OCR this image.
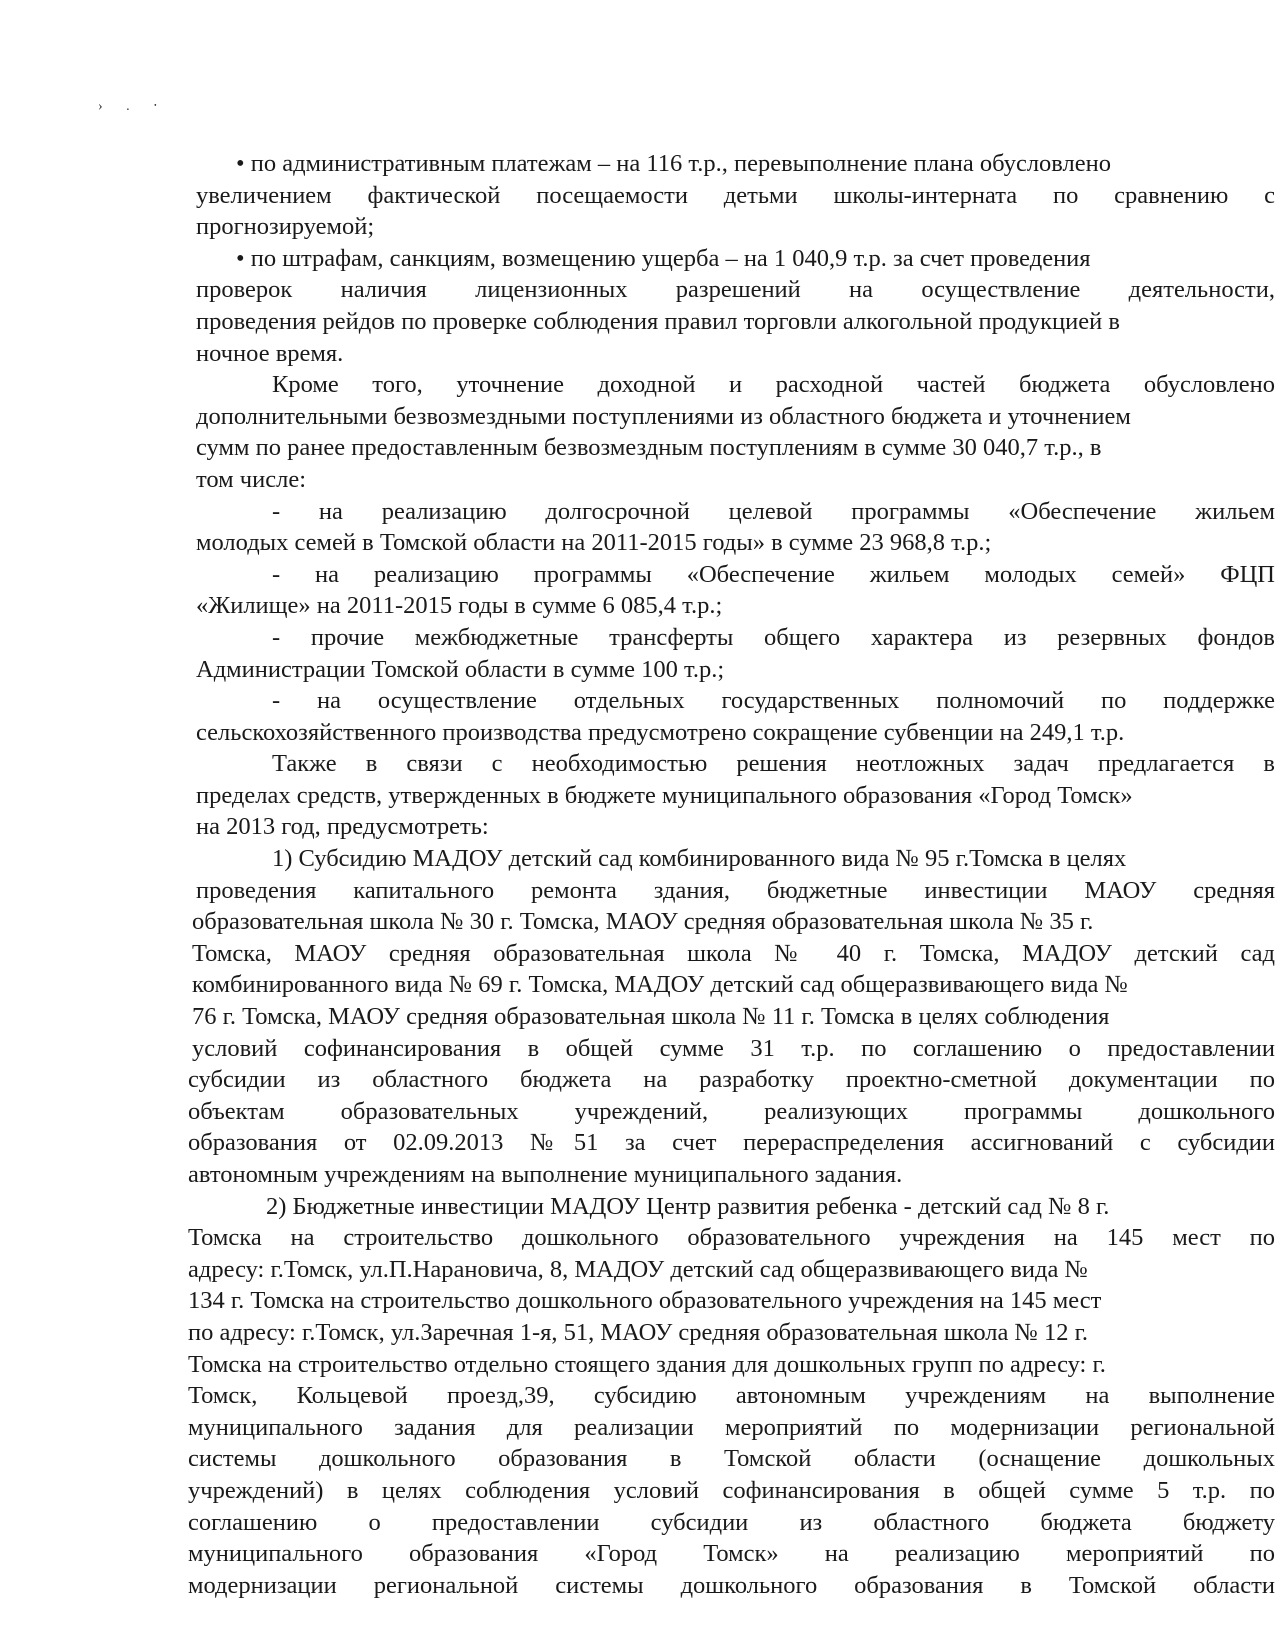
› . ‧
• по административным платежам – на 116 т.р., перевыполнение плана обусловлено
увеличением фактической посещаемости детьми школы-интерната по сравнению с
прогнозируемой;
• по штрафам, санкциям, возмещению ущерба – на 1 040,9 т.р. за счет проведения
проверок наличия лицензионных разрешений на осуществление деятельности,
проведения рейдов по проверке соблюдения правил торговли алкогольной продукцией в
ночное время.
Кроме того, уточнение доходной и расходной частей бюджета обусловлено
дополнительными безвозмездными поступлениями из областного бюджета и уточнением
сумм по ранее предоставленным безвозмездным поступлениям в сумме 30 040,7 т.р., в
том числе:
- на реализацию долгосрочной целевой программы «Обеспечение жильем
молодых семей в Томской области на 2011-2015 годы» в сумме 23 968,8 т.р.;
- на реализацию программы «Обеспечение жильем молодых семей» ФЦП
«Жилище» на 2011-2015 годы в сумме 6 085,4 т.р.;
- прочие межбюджетные трансферты общего характера из резервных фондов
Администрации Томской области в сумме 100 т.р.;
- на осуществление отдельных государственных полномочий по поддержке
сельскохозяйственного производства предусмотрено сокращение субвенции на 249,1 т.р.
Также в связи с необходимостью решения неотложных задач предлагается в
пределах средств, утвержденных в бюджете муниципального образования «Город Томск»
на 2013 год, предусмотреть:
1) Субсидию МАДОУ детский сад комбинированного вида № 95 г.Томска в целях
проведения капитального ремонта здания, бюджетные инвестиции МАОУ средняя
образовательная школа № 30 г. Томска, МАОУ средняя образовательная школа № 35 г.
Томска, МАОУ средняя образовательная школа № 40 г. Томска, МАДОУ детский сад
комбинированного вида № 69 г. Томска, МАДОУ детский сад общеразвивающего вида №
76 г. Томска, МАОУ средняя образовательная школа № 11 г. Томска в целях соблюдения
условий софинансирования в общей сумме 31 т.р. по соглашению о предоставлении
субсидии из областного бюджета на разработку проектно-сметной документации по
объектам образовательных учреждений, реализующих программы дошкольного
образования от 02.09.2013 №51 за счет перераспределения ассигнований с субсидии
автономным учреждениям на выполнение муниципального задания.
2) Бюджетные инвестиции МАДОУ Центр развития ребенка - детский сад № 8 г.
Томска на строительство дошкольного образовательного учреждения на 145 мест по
адресу: г.Томск, ул.П.Нарановича, 8, МАДОУ детский сад общеразвивающего вида №
134 г. Томска на строительство дошкольного образовательного учреждения на 145 мест
по адресу: г.Томск, ул.Заречная 1-я, 51, МАОУ средняя образовательная школа № 12 г.
Томска на строительство отдельно стоящего здания для дошкольных групп по адресу: г.
Томск, Кольцевой проезд,39, субсидию автономным учреждениям на выполнение
муниципального задания для реализации мероприятий по модернизации региональной
системы дошкольного образования в Томской области (оснащение дошкольных
учреждений) в целях соблюдения условий софинансирования в общей сумме 5 т.р. по
соглашению о предоставлении субсидии из областного бюджета бюджету
муниципального образования «Город Томск» на реализацию мероприятий по
модернизации региональной системы дошкольного образования в Томской области
